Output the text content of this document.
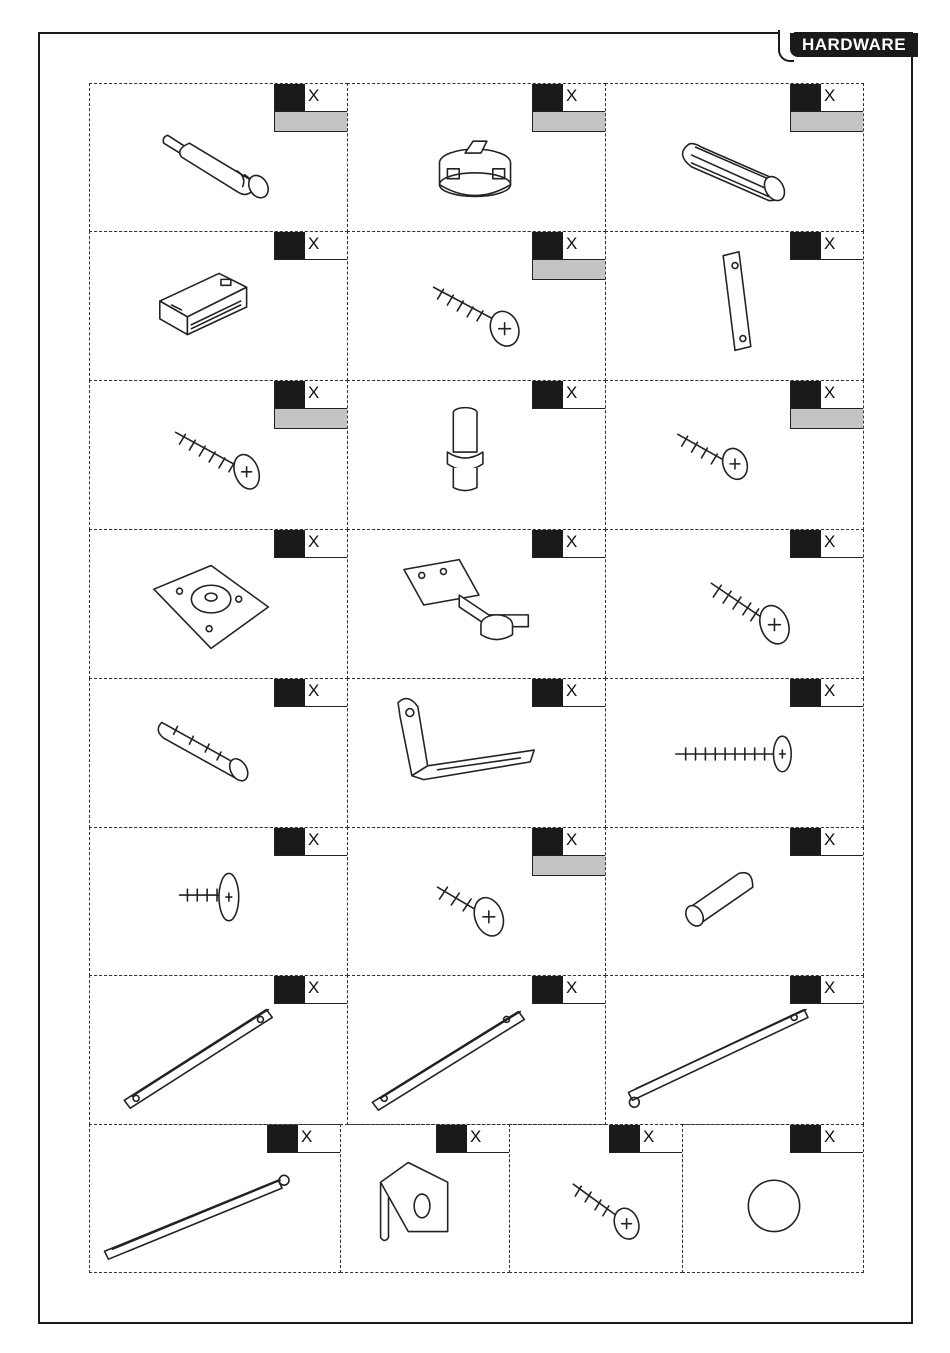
HARDWARE
X	X	X
X	X	X
X	X	X
X	X	X
X	X	X
X	X	X
X	X	X
X	X	X	X
